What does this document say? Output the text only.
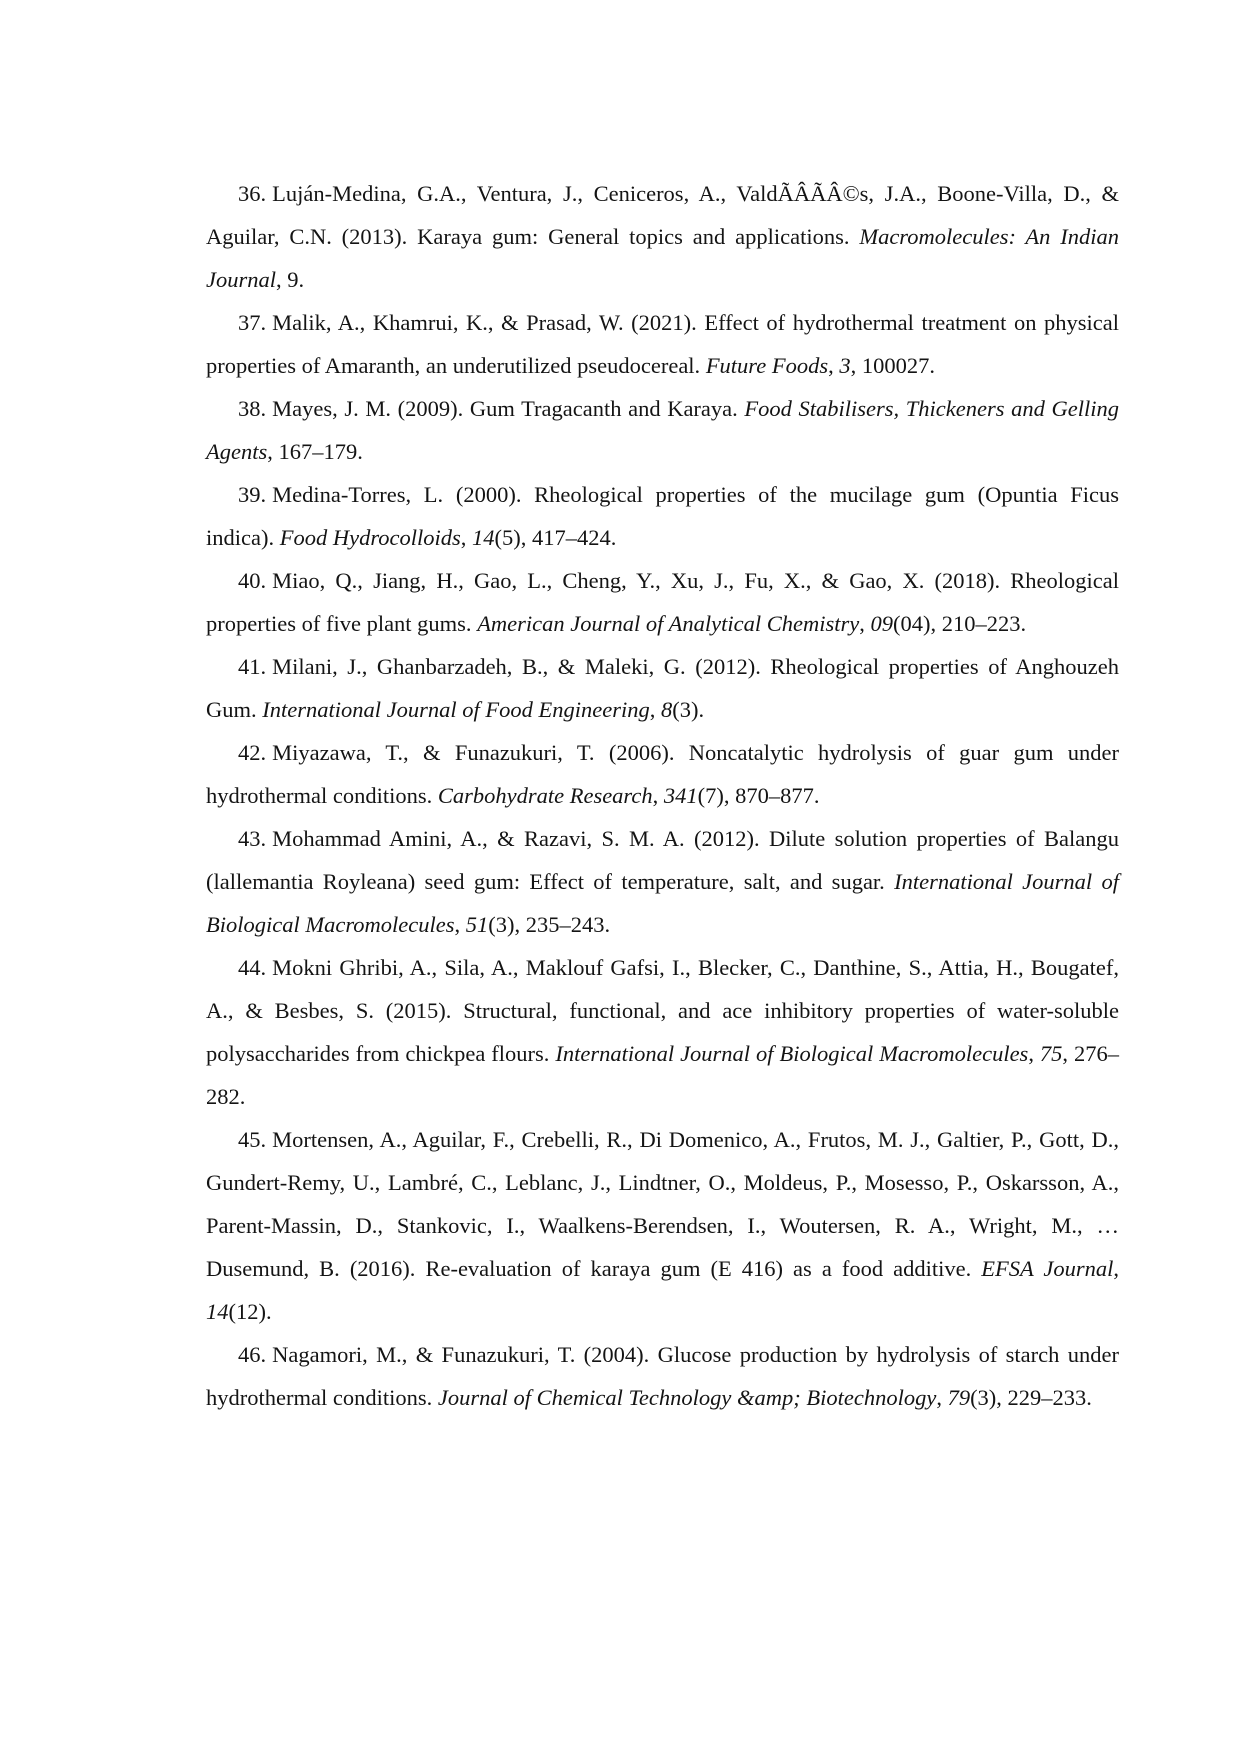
36. Luján-Medina, G.A., Ventura, J., Ceniceros, A., ValdÃÂÃÂ©s, J.A., Boone-Villa, D., & Aguilar, C.N. (2013). Karaya gum: General topics and applications. Macromolecules: An Indian Journal, 9.

37. Malik, A., Khamrui, K., & Prasad, W. (2021). Effect of hydrothermal treatment on physical properties of Amaranth, an underutilized pseudocereal. Future Foods, 3, 100027.

38. Mayes, J. M. (2009). Gum Tragacanth and Karaya. Food Stabilisers, Thickeners and Gelling Agents, 167–179.

39. Medina-Torres, L. (2000). Rheological properties of the mucilage gum (Opuntia Ficus indica). Food Hydrocolloids, 14(5), 417–424.

40. Miao, Q., Jiang, H., Gao, L., Cheng, Y., Xu, J., Fu, X., & Gao, X. (2018). Rheological properties of five plant gums. American Journal of Analytical Chemistry, 09(04), 210–223.

41. Milani, J., Ghanbarzadeh, B., & Maleki, G. (2012). Rheological properties of Anghouzeh Gum. International Journal of Food Engineering, 8(3).

42. Miyazawa, T., & Funazukuri, T. (2006). Noncatalytic hydrolysis of guar gum under hydrothermal conditions. Carbohydrate Research, 341(7), 870–877.

43. Mohammad Amini, A., & Razavi, S. M. A. (2012). Dilute solution properties of Balangu (lallemantia Royleana) seed gum: Effect of temperature, salt, and sugar. International Journal of Biological Macromolecules, 51(3), 235–243.

44. Mokni Ghribi, A., Sila, A., Maklouf Gafsi, I., Blecker, C., Danthine, S., Attia, H., Bougatef, A., & Besbes, S. (2015). Structural, functional, and ace inhibitory properties of water-soluble polysaccharides from chickpea flours. International Journal of Biological Macromolecules, 75, 276–282.

45. Mortensen, A., Aguilar, F., Crebelli, R., Di Domenico, A., Frutos, M. J., Galtier, P., Gott, D., Gundert-Remy, U., Lambré, C., Leblanc, J., Lindtner, O., Moldeus, P., Mosesso, P., Oskarsson, A., Parent-Massin, D., Stankovic, I., Waalkens-Berendsen, I., Woutersen, R. A., Wright, M., … Dusemund, B. (2016). Re-evaluation of karaya gum (E 416) as a food additive. EFSA Journal, 14(12).

46. Nagamori, M., & Funazukuri, T. (2004). Glucose production by hydrolysis of starch under hydrothermal conditions. Journal of Chemical Technology &amp; Biotechnology, 79(3), 229–233.
